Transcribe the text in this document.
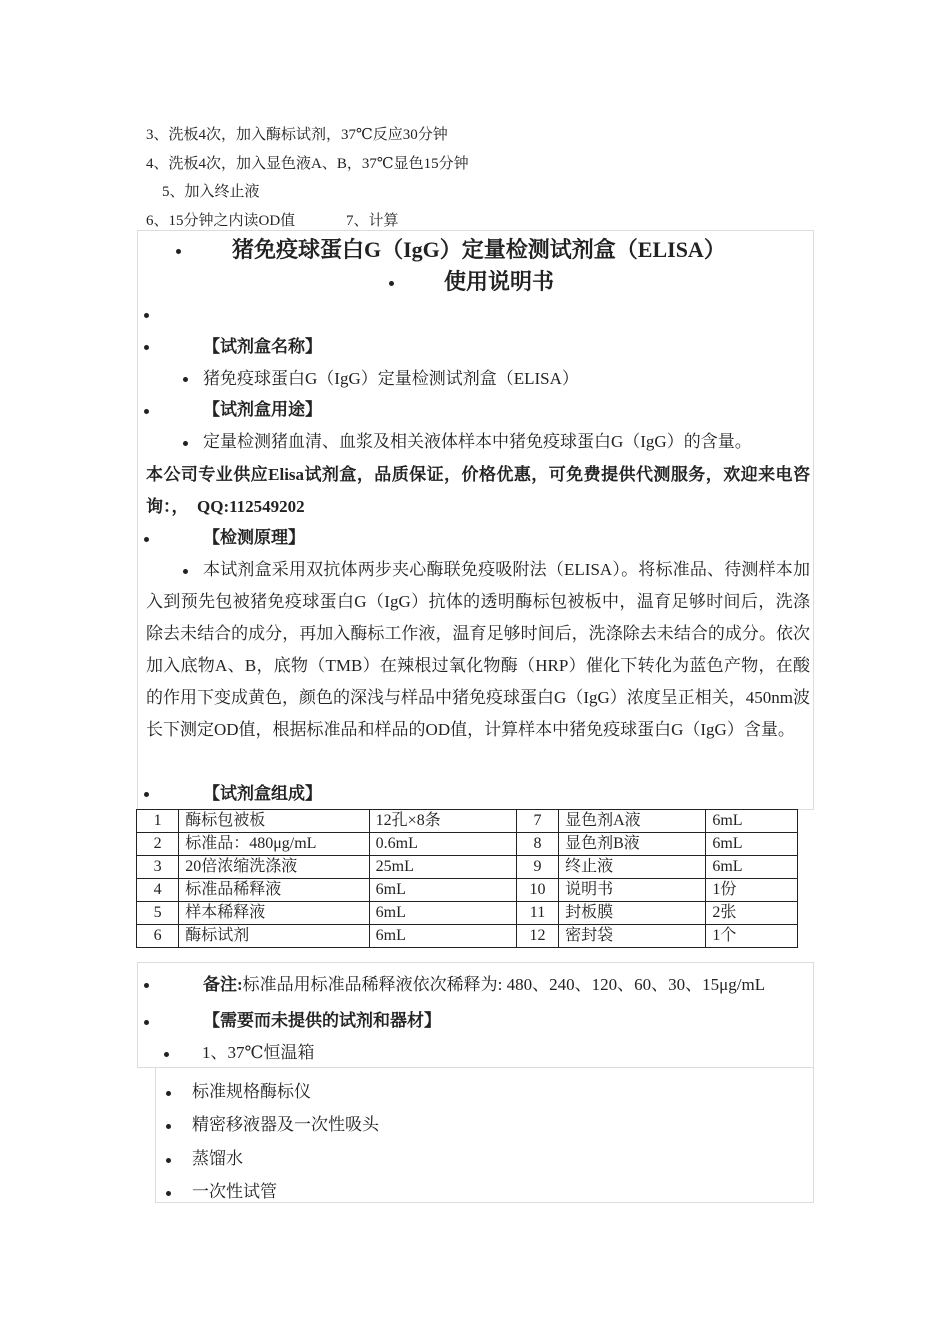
3、洗板4次，加入酶标试剂，37℃反应30分钟
4、洗板4次，加入显色液A、B，37℃显色15分钟
5、加入终止液
6、15分钟之内读OD值	7、计算
猪免疫球蛋白G（IgG）定量检测试剂盒（ELISA）
使用说明书
【试剂盒名称】
猪免疫球蛋白G（IgG）定量检测试剂盒（ELISA）
【试剂盒用途】
定量检测猪血清、血浆及相关液体样本中猪免疫球蛋白G（IgG）的含量。
本公司专业供应Elisa试剂盒，品质保证，价格优惠，可免费提供代测服务，欢迎来电咨询：，　QQ:112549202
【检测原理】
本试剂盒采用双抗体两步夹心酶联免疫吸附法（ELISA）。将标准品、待测样本加入到预先包被猪免疫球蛋白G（IgG）抗体的透明酶标包被板中，温育足够时间后，洗涤除去未结合的成分，再加入酶标工作液，温育足够时间后，洗涤除去未结合的成分。依次加入底物A、B，底物（TMB）在辣根过氧化物酶（HRP）催化下转化为蓝色产物，在酸的作用下变成黄色，颜色的深浅与样品中猪免疫球蛋白G（IgG）浓度呈正相关，450nm波长下测定OD值，根据标准品和样品的OD值，计算样本中猪免疫球蛋白G（IgG）含量。
【试剂盒组成】
1	酶标包被板	12孔×8条	7	显色剂A液	6mL
2	标准品：480μg/mL	0.6mL	8	显色剂B液	6mL
3	20倍浓缩洗涤液	25mL	9	终止液	6mL
4	标准品稀释液	6mL	10	说明书	1份
5	样本稀释液	6mL	11	封板膜	2张
6	酶标试剂	6mL	12	密封袋	1个
备注:标准品用标准品稀释液依次稀释为: 480、240、120、60、30、15μg/mL
【需要而未提供的试剂和器材】
1、37℃恒温箱
标准规格酶标仪
精密移液器及一次性吸头
蒸馏水
一次性试管
